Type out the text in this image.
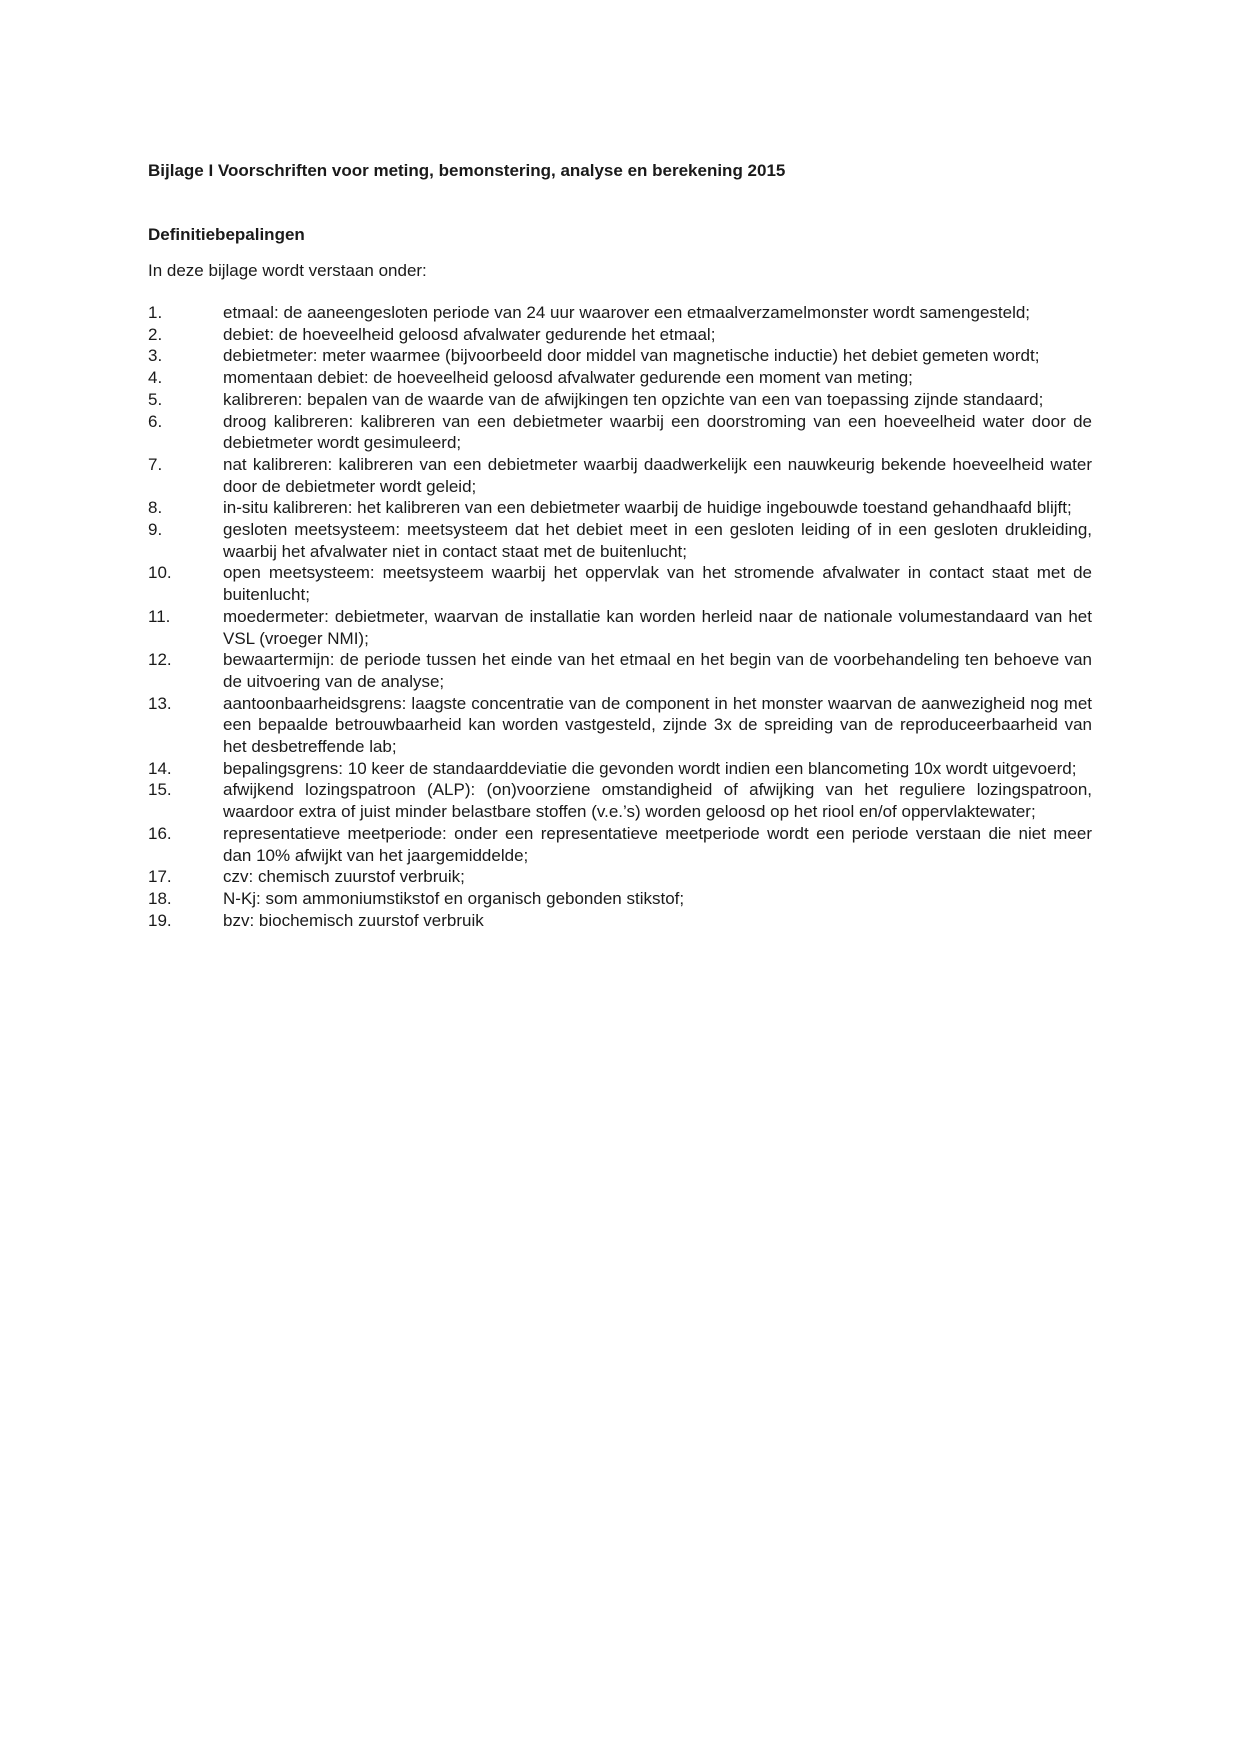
Bijlage I Voorschriften voor meting, bemonstering, analyse en berekening 2015

Definitiebepalingen

In deze bijlage wordt verstaan onder:

1.	etmaal: de aaneengesloten periode van 24 uur waarover een etmaalverzamelmonster wordt samengesteld;
2.	debiet: de hoeveelheid geloosd afvalwater gedurende het etmaal;
3.	debietmeter: meter waarmee (bijvoorbeeld door middel van magnetische inductie) het debiet gemeten wordt;
4.	momentaan debiet: de hoeveelheid geloosd afvalwater gedurende een moment van meting;
5.	kalibreren: bepalen van de waarde van de afwijkingen ten opzichte van een van toepassing zijnde standaard;
6.	droog kalibreren: kalibreren van een debietmeter waarbij een doorstroming van een hoeveelheid water door de debietmeter wordt gesimuleerd;
7.	nat kalibreren: kalibreren van een debietmeter waarbij daadwerkelijk een nauwkeurig bekende hoeveelheid water door de debietmeter wordt geleid;
8.	in-situ kalibreren: het kalibreren van een debietmeter waarbij de huidige ingebouwde toestand gehandhaafd blijft;
9.	gesloten meetsysteem: meetsysteem dat het debiet meet in een gesloten leiding of in een gesloten drukleiding, waarbij het afvalwater niet in contact staat met de buitenlucht;
10.	open meetsysteem: meetsysteem waarbij het oppervlak van het stromende afvalwater in contact staat met de buitenlucht;
11.	moedermeter: debietmeter, waarvan de installatie kan worden herleid naar de nationale volumestandaard van het VSL (vroeger NMI);
12.	bewaartermijn: de periode tussen het einde van het etmaal en het begin van de voorbehandeling ten behoeve van de uitvoering van de analyse;
13.	aantoonbaarheidsgrens: laagste concentratie van de component in het monster waarvan de aanwezigheid nog met een bepaalde betrouwbaarheid kan worden vastgesteld, zijnde 3x de spreiding van de reproduceerbaarheid van het desbetreffende lab;
14.	bepalingsgrens: 10 keer de standaarddeviatie die gevonden wordt indien een blancometing 10x wordt uitgevoerd;
15.	afwijkend lozingspatroon (ALP): (on)voorziene omstandigheid of afwijking van het reguliere lozingspatroon, waardoor extra of juist minder belastbare stoffen (v.e.’s) worden geloosd op het riool en/of oppervlaktewater;
16.	representatieve meetperiode: onder een representatieve meetperiode wordt een periode verstaan die niet meer dan 10% afwijkt van het jaargemiddelde;
17.	czv: chemisch zuurstof verbruik;
18.	N-Kj: som ammoniumstikstof en organisch gebonden stikstof;
19.	bzv: biochemisch zuurstof verbruik
